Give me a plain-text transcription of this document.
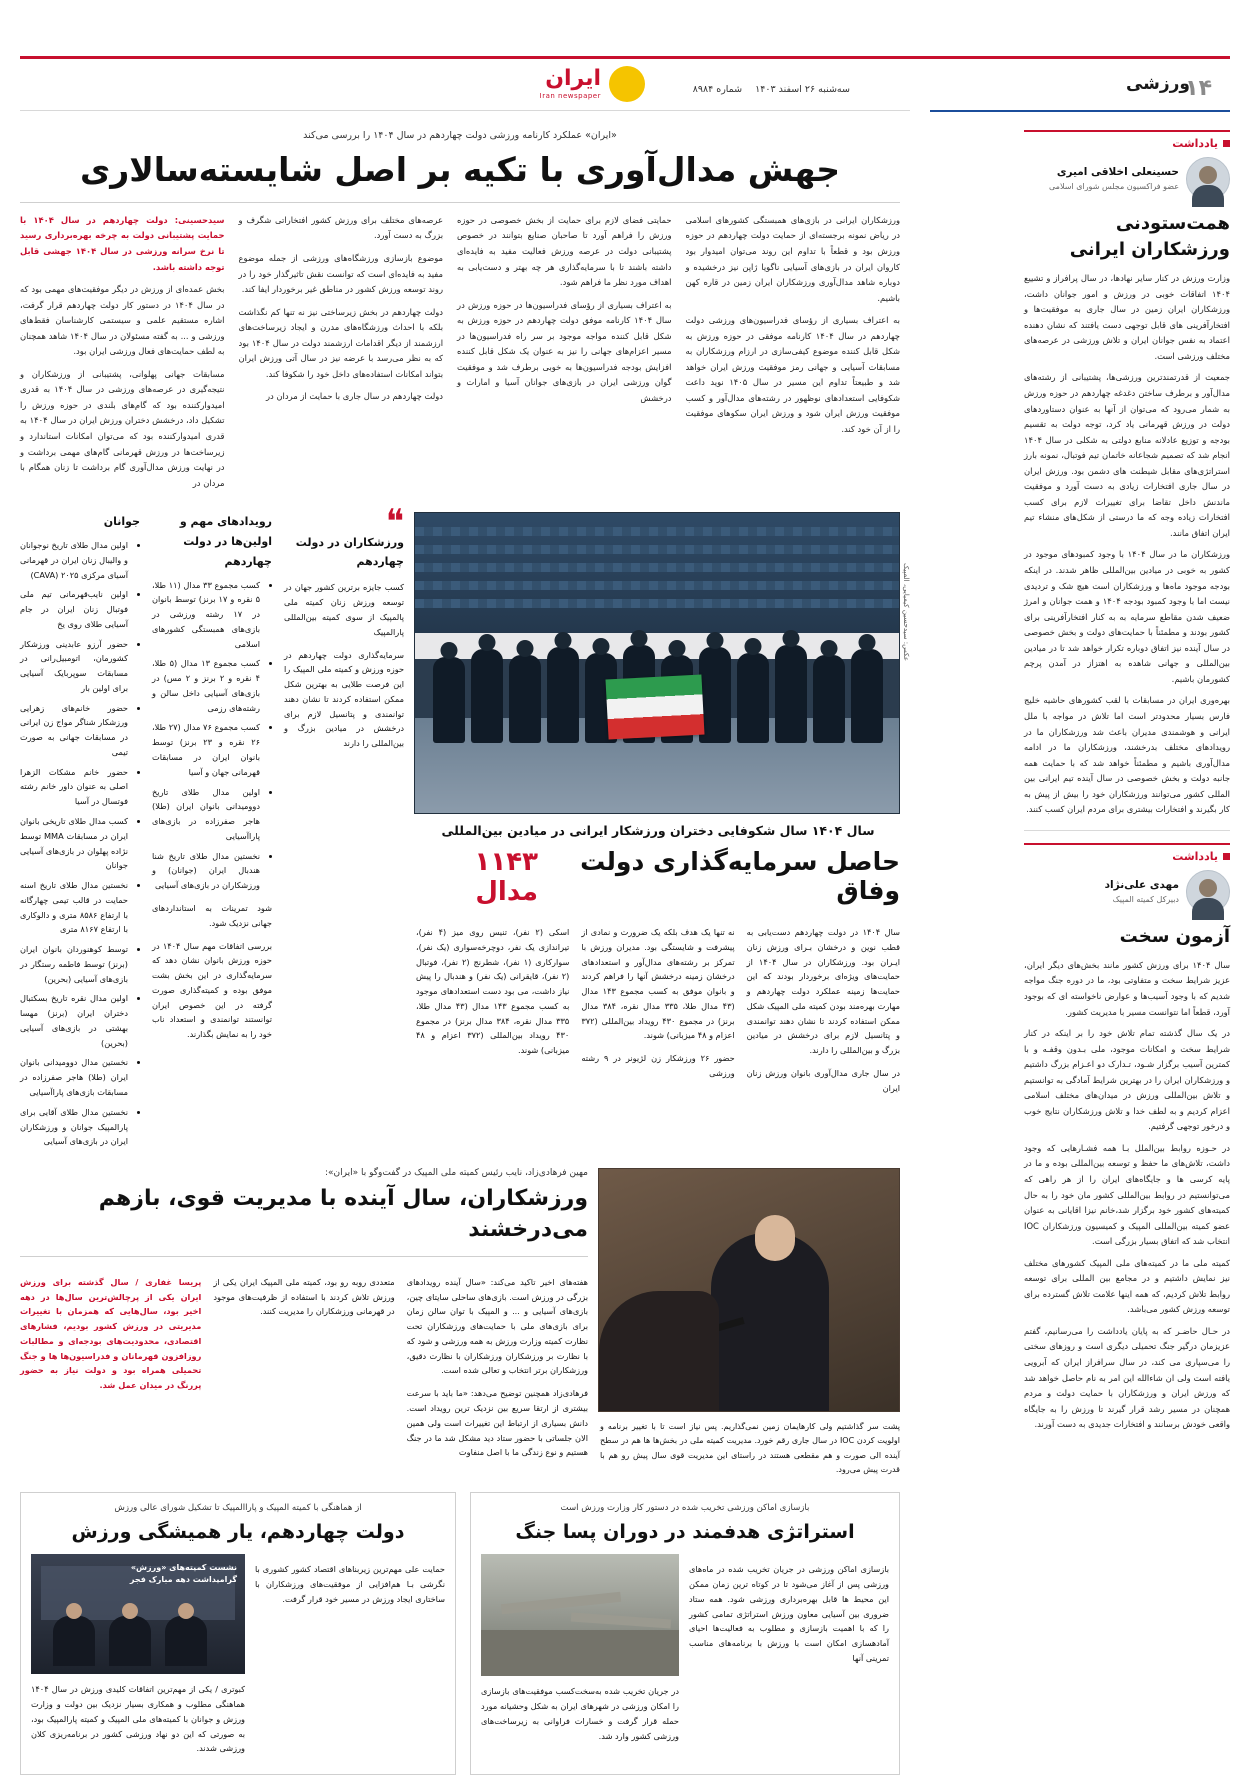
ایران
Iran newspaper
سه‌شنبه ۲۶ اسفند ۱۴۰۳ شماره ۸۹۸۴	ورزشی
۱۴
یادداشت
حسینعلی اخلاقی امیری
عضو فراکسیون مجلس شورای اسلامی
همت‌ستودنی ورزشکاران ایرانی

وزارت ورزش در کنار سایر نهادها، در سال پرافراز و تشییع ۱۴۰۴ اتفاقات خوبی در ورزش و امور جوانان داشت، ورزشکاران ایران زمین در سال جاری به موفقیت‌ها و افتخارآفرینی های قابل توجهی دست یافتند که نشان دهنده اعتماد به نفس جوانان ایران و تلاش ورزشی در عرصه‌های مختلف ورزشی است.

جمعیت از قدرتمندترین ورزشی‌ها، پشتیبانی از رشته‌های مدال‌آور و برطرف ساختن دغدغه چهاردهم در حوزه ورزش به شمار می‌رود که می‌توان از آنها به عنوان دستاوردهای دولت در ورزش قهرمانی یاد کرد، توجه دولت به تقسیم بودجه و توزیع عادلانه منابع دولتی به شکلی در سال ۱۴۰۴ انجام شد که تصمیم شجاعانه خاتمان تیم فوتبال، نمونه بارز استراتژی‌های مقابل شیطنت های دشمن بود. ورزش ایران در سال جاری افتخارات زیادی به دست آورد و موفقیت ماندنش داخل تقاضا برای تغییرات لازم برای کسب افتخارات زیاده وجه که ما درستی از شکل‌های منشاء تیم ایران اتفاق مانند.

ورزشکاران ما در سال ۱۴۰۴ با وجود کمبودهای موجود در کشور به خوبی در میادین بین‌المللی ظاهر شدند. در اینکه بودجه موجود ماه‌ها و ورزشکاران است هیچ شک و تردیدی نیست اما با وجود کمبود بودجه ۱۴۰۴ و همت جوانان و امرژ ضعیف شدن مقاطع سرمایه به به کنار افتخارآفرینی برای کشور بودند و مطمئناً با حمایت‌های دولت و بخش خصوصی در سال آینده نیز اتفاق دوباره تکرار خواهد شد تا در میادین بین‌المللی و جهانی شاهده به اهتزاز در آمدن پرچم کشورمان باشیم.

بهره‌وری ایران در مسابقات با لقب کشورهای حاشیه خلیج فارس بسیار محدودتر است اما تلاش در مواجه با ملل ایرانی و هوشمندی مدیران باعث شد ورزشکاران ما در رویدادهای مختلف بدرخشند، ورزشکاران ما در ادامه مدال‌آوری باشیم و مطمئناً خواهد شد که با حمایت همه جانبه دولت و بخش خصوصی در سال آینده تیم ایرانی بین المللی کشور می‌توانند ورزشکاران خود را بیش از پیش به کار بگیرند و افتخارات بیشتری برای مردم ایران کسب کنند.

یادداشت
مهدی علی‌نژاد
دبیرکل کمیته المپیک
آزمون سخت

سال ۱۴۰۴ برای ورزش کشور مانند بخش‌های دیگر ایران، عزیز شرایط سخت و متفاوتی بود، ما در دوره جنگ مواجه شدیم که با وجود آسیب‌ها و عوارض ناخواسته ای که بوجود آورد، قطعاً اما نتوانست مسیر با مدیریت کشور.

در یک سال گذشته تمام تلاش خود را بر اینکه در کنار شرایط سخت و امکانات موجود، ملی بـدون وقفـه و با کمترین آسیب برگزار شـود، تـدارک دو اعـزام بزرگ داشتیم و ورزشکاران ایران را در بهترین شرایط آمادگی به توانستیم و تلاش بین‌المللی ورزش در میدان‌های مختلف اسلامی اعزام کردیم و به لطف خدا و تلاش ورزشکاران نتایج خوب و درخور توجهی گرفتیم.

در حـوزه روابط بین‌الملل بـا همه فشـارهایی که وجود داشت، تلاش‌های ما حفظ و توسعه بین‌المللی بوده و ما در پایه کرسی ها و جایگاه‌های ایران را از هر راهی که می‌توانستیم در روابط بین‌المللی کشور مان خود را به حال کمیته‌های کشور خود برگزار شد،خانم نیزا اقایانی به عنوان عضو کمیته بین‌المللی المپیک و کمیسیون ورزشکاران IOC انتخاب شد که اتفاق بسیار بزرگی است.

کمیته ملی ما در کمیته‌های ملی المپیک کشورهای مختلف نیز نمایش داشتیم و در مجامع بین المللی برای توسعه روابط تلاش کردیم، که همه اینها علامت تلاش گسترده برای توسعه ورزش کشور می‌باشد.

در حـال حاضـر که به پایان یادداشت را می‌رسانیم، گفتم عزیزمان درگیر جنگ تحمیلی دیگری است و روزهای سختی را می‌سپاری می کند، در سال سرافراز ایران که آبرویی یافته است ولی ان شاءالله این امر به نام حاصل خواهد شد که ورزش ایران و ورزشکاران با حمایت دولت و مردم همچنان در مسیر رشد قرار گیرند تا ورزش را به جایگاه واقعی خودش برسانند و افتخارات جدیدی به دست آورند.

«ایران» عملکرد کارنامه ورزشی دولت چهاردهم در سال ۱۴۰۴ را بررسی می‌کند
جهش مدال‌آوری با تکیه بر اصل شایسته‌سالاری

ورزشکاران ایرانی در بازی‌های همبستگی کشورهای اسلامی در ریاض نمونه برجسته‌ای از حمایت دولت چهاردهم در حوزه ورزش بود و قطعاً با تداوم این روند می‌توان امیدوار بود کاروان ایران در بازی‌های آسیایی ناگویا ژاپن نیز درخشیده و دوباره شاهد مدال‌آوری ورزشکاران ایران زمین در قاره کهن باشیم.

به اعتراف بسیاری از رؤسای فدراسیون‌های ورزشی دولت چهاردهم در سال ۱۴۰۴ کارنامه موفقی در حوزه ورزش به شکل قابل کننده موضوع کیفی‌سازی در ارزام ورزشکاران به مسابقات آسیایی و جهانی رمز موفقیت ورزش ایران خواهد شد و طبیعتاً تداوم این مسیر در سال ۱۴۰۵ نوید داعت شکوفایی استعدادهای نوظهور در رشته‌های مدال‌آور و کسب موفقیت ورزش ایران شود و ورزش ایران سکوهای موفقیت را از آن خود کند.

حمایتی فضای لازم برای حمایت از بخش خصوصی در حوزه ورزش را فراهم آورد تا صاحبان صنایع بتوانند در خصوص پشتیبانی دولت در عرصه ورزش فعالیت مفید به فایده‌ای داشته باشند تا با سرمایه‌گذاری هر چه بهتر و دست‌یابی به اهداف مورد نظر ما فراهم شود.

به اعتراف بسیاری از رؤسای فدراسیون‌ها در حوزه ورزش در سال ۱۴۰۴ کارنامه موفق دولت چهاردهم در حوزه ورزش به شکل قابل کننده مواجه موجود بر سر راه فدراسیون‌ها در مسیر اعزام‌های جهانی را نیز به عنوان یک شکل قابل کننده افزایش بودجه فدراسیون‌ها به خوبی برطرف شد و موفقیت گوان ورزشی ایران در بازی‌های جوانان آسیا و امارات و درخشش

عرصه‌های مختلف برای ورزش کشور افتخاراتی شگرف و بزرگ به دست آورد.

موضوع بازسازی ورزشگاه‌های ورزشی از جمله موضوع مفید به فایده‌ای است که توانست نقش تاثیرگذار خود را در روند توسعه ورزش کشور در مناطق غیر برخوردار ایفا کند.

دولت چهاردهم در بخش زیرساختی نیز نه تنها کم نگذاشت بلکه با احداث ورزشگاه‌های مدرن و ایجاد زیرساخت‌های ارزشمند از دیگر اقدامات ارزشمند دولت در سال ۱۴۰۴ بود که به نظر می‌رسد با عرضه نیز در سال آتی ورزش ایران بتواند امکانات استفاده‌های داخل خود را شکوفا کند.

دولت چهاردهم در سال جاری با حمایت از مردان در

سیدحسینی: دولت چهاردهم در سال ۱۴۰۴ با حمایت پشتیبانی دولت به چرخه بهره‌برداری رسید تا نرخ سرانه ورزشی در سال ۱۴۰۴ جهشی قابل توجه داشته باشد.

بخش عمده‌ای از ورزش در دیگر موفقیت‌های مهمی بود که در سال ۱۴۰۴ در دستور کار دولت چهاردهم قرار گرفت، اشاره مستقیم علمی و سیستمی کارشناسان فقط‌های ورزشی و ... به گفته مسئولان در سال ۱۴۰۴ شاهد همچنان به لطف حمایت‌های فعال ورزشی ایران بود.

مسابقات جهانی پهلوانی، پشتیبانی از ورزشکاران و نتیجه‌گیری در عرصه‌های ورزشی در سال ۱۴۰۴ به قدری امیدوارکننده بود که گام‌های بلندی در حوزه ورزش را تشکیل داد، درخشش دختران ورزش ایران در سال ۱۴۰۴ به قدری امیدوارکننده بود که می‌توان امکانات استاندارد و زیرساخت‌ها در ورزش قهرمانی گام‌های مهمی برداشت و در نهایت ورزش مدال‌آوری گام برداشت تا زنان همگام با مردان در

عکس: سیدحسین کیمیایی، المپیک
سال ۱۴۰۴ سال شکوفایی دختران ورزشکار ایرانی در میادین بین‌المللی
حاصل سرمایه‌گذاری دولت وفاق
۱۱۴۳ مدال

سال ۱۴۰۴ در دولت چهاردهم دست‌یابی به قطب نوین و درخشان بـرای ورزش زنان ایـران بود. ورزشکاران در سال ۱۴۰۴ از حمایت‌های ویژه‌ای برخوردار بودند که این حمایت‌ها زمینه عملکرد دولت چهاردهم و مهارت بهره‌مند بودن کمیته ملی المپیک شکل ممکن استفاده کردند تا نشان دهند توانمندی و پتانسیل لازم برای درخشش در میادین بزرگ و بین‌المللی را دارند.

در سال جاری مدال‌آوری بانوان ورزش زنان ایران

نه تنها یک هدف بلکه یک ضرورت و نمادی از پیشرفت و شایستگی بود. مدیران ورزش با تمرکز بر رشته‌های مدال‌آور و استعدادهای درخشان زمینه درخشش آنها را فراهم کردند و بانوان موفق به کسب مجموع ۱۴۳ مدال (۴۳ مدال طلا، ۳۳۵ مدال نقره، ۳۸۴ مدال برنز) در مجموع ۴۳۰ رویداد بین‌المللی (۳۷۲ اعزام و ۴۸ میزبانی) شوند.

حضور ۲۶ ورزشکار زن لژیونر در ۹ رشته ورزشی

اسکی (۲ نفر)، تنیس روی میز (۴ نفر)، تیراندازی یک نفر، دوچرخه‌سواری (یک نفر)، سوارکاری (۱ نفر)، شطرنج (۲ نفر)، فوتبال (۲ نفر)، قایقرانی (یک نفر) و هندبال را پیش نیاز داشت، می بود دست استعدادهای موجود به کسب مجموع ۱۴۳ مدال (۴۳ مدال طلا، ۳۳۵ مدال نقره، ۳۸۴ مدال برنز) در مجموع ۴۳۰ رویداد بین‌المللی (۳۷۲ اعزام و ۴۸ میزبانی) شوند.

❝
ورزشکاران در دولت چهاردهم

کسب جایزه برترین کشور جهان در توسعه ورزش زنان کمیته ملی پالمپیک از سوی کمیته بین‌المللی پارالمپیک

سرمایه‌گذاری دولت چهاردهم در حوزه ورزش و کمیته ملی المپیک را این فرصت طلایی به بهترین شکل ممکن استفاده کردند تا نشان دهند توانمندی و پتانسیل لازم برای درخشش در میادین بزرگ و بین‌المللی را دارند

رویدادهای مهم و اولین‌ها در دولت چهاردهم
• کسب مجموع ۳۳ مدال (۱۱ طلا، ۵ نقره و ۱۷ برنز) توسط بانوان در ۱۷ رشته ورزشی در بازی‌های همبستگی کشورهای اسلامی
• کسب مجموع ۱۳ مدال (۵ طلا، ۴ نقره و ۲ برنز و ۲ مس) در بازی‌های آسیایی داخل سالن و رشته‌های رزمی
• کسب مجموع ۷۶ مدال (۲۷ طلا، ۲۶ نقره و ۲۳ برنز) توسط بانوان ایران در مسابقات قهرمانی جهان و آسیا
• اولین مدال طلای تاریخ دوومیدانی بانوان ایران (طلا) هاجر صفرزاده در بازی‌های پاراآسیایی
• نخستین مدال طلای تاریخ شنا هندبال ایران (جوانان) و ورزشکاران در بازی‌های آسیایی

شود تمرینات به استانداردهای جهانی نزدیک شود.

بررسی اتفاقات مهم سال ۱۴۰۴ در حوزه ورزش بانوان نشان دهد که سرمایه‌گذاری در این بخش بشت موفق بوده و کمیته‌گذاری صورت گرفته در این خصوص ایران توانستند توانمندی و استعداد ناب خود را به نمایش بگذارند.

جوانان
• اولین مدال طلای تاریخ نوجوانان و والیبال زنان ایران در قهرمانی آسیای مرکزی ۲۰۲۵ (CAVA)
• اولین نایب‌قهرمانی تیم ملی فوتبال زنان ایران در جام آسیایی طلای روی یخ
• حضور آرزو عابدینی ورزشکار کشورمان، اتومبیل‌رانی در مسابقات سوپربایک آسیایی برای اولین بار
• حضور خانم‌های زهرایی ورزشکار شناگر مواج زن ایرانی در مسابقات جهانی به صورت تیمی
• حضور خانم مشکات الزهرا اصلی به عنوان داور خانم رشته فوتسال در آسیا
• کسب مدال طلای تاریخی بانوان ایران در مسابقات MMA توسط نژاده پهلوان در بازی‌های آسیایی جوانان
• نخستین مدال طلای تاریخ اسنه حمایت در قالب تیمی چهارگانه با ارتفاع ۸۵۸۶ متری و دالوکاری با ارتفاع ۸۱۶۷ متری
• توسط کوهنوردان بانوان ایران (برنز) توسط فاطمه رستگار در بازی‌های آسیایی (بحرین)
• اولین مدال نقره تاریخ بسکتبال دختران ایران (برنز) مهسا بهشتی در بازی‌های آسیایی (بحرین)
• نخستین مدال دوومیدانی بانوان ایران (طلا) هاجر صفرزاده در مسابقات بازی‌های پاراآسیایی
• نخستین مدال طلای آقایی برای پارالمپیک جوانان و ورزشکاران ایران در بازی‌های آسیایی
پشت سر گذاشتیم ولی کارهایمان زمین نمی‌گذاریم. پس نیاز است تا با تغییر برنامه و اولویت کردن IOC در سال جاری رقم خورد. مدیریت کمیته ملی در بخش‌ها ها هم در سطح آینده الی صورت و هم مقطعی هستند در راستای این مدیریت قوی سال پیش رو هم با قدرت پیش می‌رود.
مهین فرهادی‌زاد، نایب رئیس کمیته ملی المپیک در گفت‌وگو با «ایران»:
ورزشکاران، سال آینده با مدیریت قوی، بازهم می‌درخشند

هفته‌های اخیر تاکید می‌کند: «سال آینده رویدادهای بزرگی در ورزش است. بازی‌های ساحلی سایتای چین، بازی‌های آسیایی و ... و المپیک با توان سالن زمان برای بازی‌های ملی با حمایت‌های ورزشکاران تحت نظارت کمیته وزارت ورزش به همه ورزشی و شود که با نظارت بر ورزشکاران ورزشکاران با نظارت دقیق، ورزشکاران برتر انتخاب و تعالی شده است.

فرهادی‌زاد همچنین توضیح می‌دهد: «ما باید با سرعت بیشتری از ارتقا سریع بین نزدیک ترین رویداد است. دانش بسیاری از ارتباط این تغییرات است ولی همین الان جلساتی با حضور ستاد دید مشکل شد ما در جنگ هستیم و نوع زندگی ما با اصل منفاوت

متعددی روبه رو بود، کمیته ملی المپیک ایران یکی از ورزش تلاش کردند با استفاده از ظرفیت‌های موجود در قهرمانی ورزشکاران را مدیریت کنند.

پریسا غفاری / سال گذشته برای ورزش ایران یکی از پرچالش‌ترین سال‌ها در دهه اخیر بود، سال‌هایی که همزمان با تغییرات مدیریتی در ورزش کشور بودیم، فشارهای اقتصادی، محدودیت‌های بودجه‌ای و مطالبات روزافزون قهرمانان و فدراسیون‌ها ها و جنگ تحمیلی همراه بود و دولت نیاز به حضور پررنگ در میدان عمل شد.

بازسازی اماکن ورزشی تخریب شده در دستور کار وزارت ورزش است
استراتژی هدفمند در دوران پسا جنگ

بازسازی اماکن ورزشی در جریان تخریب شده در ماه‌های ورزشی پس از آغاز می‌شود تا در کوتاه ترین زمان ممکن این محیط ها قابل بهره‌برداری ورزشی شود. همه ستاد ضروری بین آسیایی معاون ورزش استراتژی تمامی کشور را که با اهمیت بازسازی و مطلوب به فعالیت‌ها احیای آمادهسازی امکان است با ورزش با برنامه‌های مناسب تمرینی آنها

در جریان تخریب شده به‌سخت‌کسب موفقیت‌های بازسازی را امکان ورزشی در شهرهای ایران به شکل وحشیانه مورد حمله قرار گرفت و خسارات فراوانی به زیرساخت‌های ورزشی کشور وارد شد.

از هماهنگی با کمیته المپیک و پاراالمپیک تا تشکیل شورای عالی ورزش
دولت چهاردهم، یار همیشگی ورزش

حمایت علی مهم‌ترین زیربناهای اقتصاد کشور کشوری با نگرشی بـا هم‌افزایی از موفقیت‌های ورزشکاران با ساختاری ایجاد ورزش در مسیر خود قرار گرفت.

نشست کمیته‌های «ورزش» گرامیداشت دهه مبارک فجر

کبوتری / یکی از مهم‌ترین اتفاقات کلیدی ورزش در سال ۱۴۰۴ هماهنگی مطلوب و همکاری بسیار نزدیک بین دولت و وزارت ورزش و جوانان با کمیته‌های ملی المپیک و کمیته پارالمپیک بود، به صورتی که این دو نهاد ورزشی کشور در برنامه‌ریزی کلان ورزشی شدند.
